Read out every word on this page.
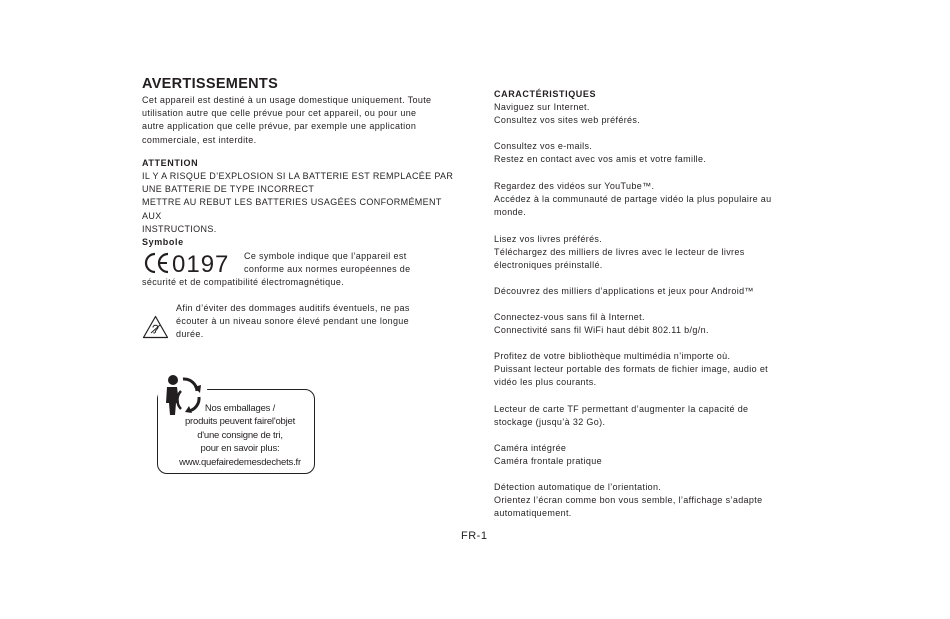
AVERTISSEMENTS

Cet appareil est destiné à un usage domestique uniquement. Toute

utilisation autre que celle prévue pour cet appareil, ou pour une

autre application que celle prévue, par exemple une application

commerciale, est interdite.

ATTENTION

IL Y A RISQUE D’EXPLOSION SI LA BATTERIE EST REMPLACÉE PAR

UNE BATTERIE DE TYPE INCORRECT

METTRE AU REBUT LES BATTERIES USAGÉES CONFORMÉMENT AUX

INSTRUCTIONS.

Symbole

0197 Ce symbole indique que l’appareil est
conforme aux normes européennes de
sécurité et de compatibilité électromagnétique.
Afin d’éviter des dommages auditifs éventuels, ne pas
écouter à un niveau sonore élevé pendant une longue
durée.
Nos emballages /
produits peuvent fairel'objet
d'une consigne de tri,
pour en savoir plus:
www.quefairedemesdechets.fr

CARACTÉRISTIQUES

Naviguez sur Internet.

Consultez vos sites web préférés.

Consultez vos e-mails.

Restez en contact avec vos amis et votre famille.

Regardez des vidéos sur YouTube™.

Accédez à la communauté de partage vidéo la plus populaire au

monde.

Lisez vos livres préférés.

Téléchargez des milliers de livres avec le lecteur de livres

électroniques préinstallé.

Découvrez des milliers d’applications et jeux pour Android™

Connectez-vous sans fil à Internet.

Connectivité sans fil WiFi haut débit 802.11 b/g/n.

Profitez de votre bibliothèque multimédia n’importe où.

Puissant lecteur portable des formats de fichier image, audio et

vidéo les plus courants.

Lecteur de carte TF permettant d’augmenter la capacité de

stockage (jusqu’à 32 Go).

Caméra intégrée

Caméra frontale pratique

Détection automatique de l’orientation.

Orientez l’écran comme bon vous semble, l’affichage s’adapte

automatiquement.

FR-1
